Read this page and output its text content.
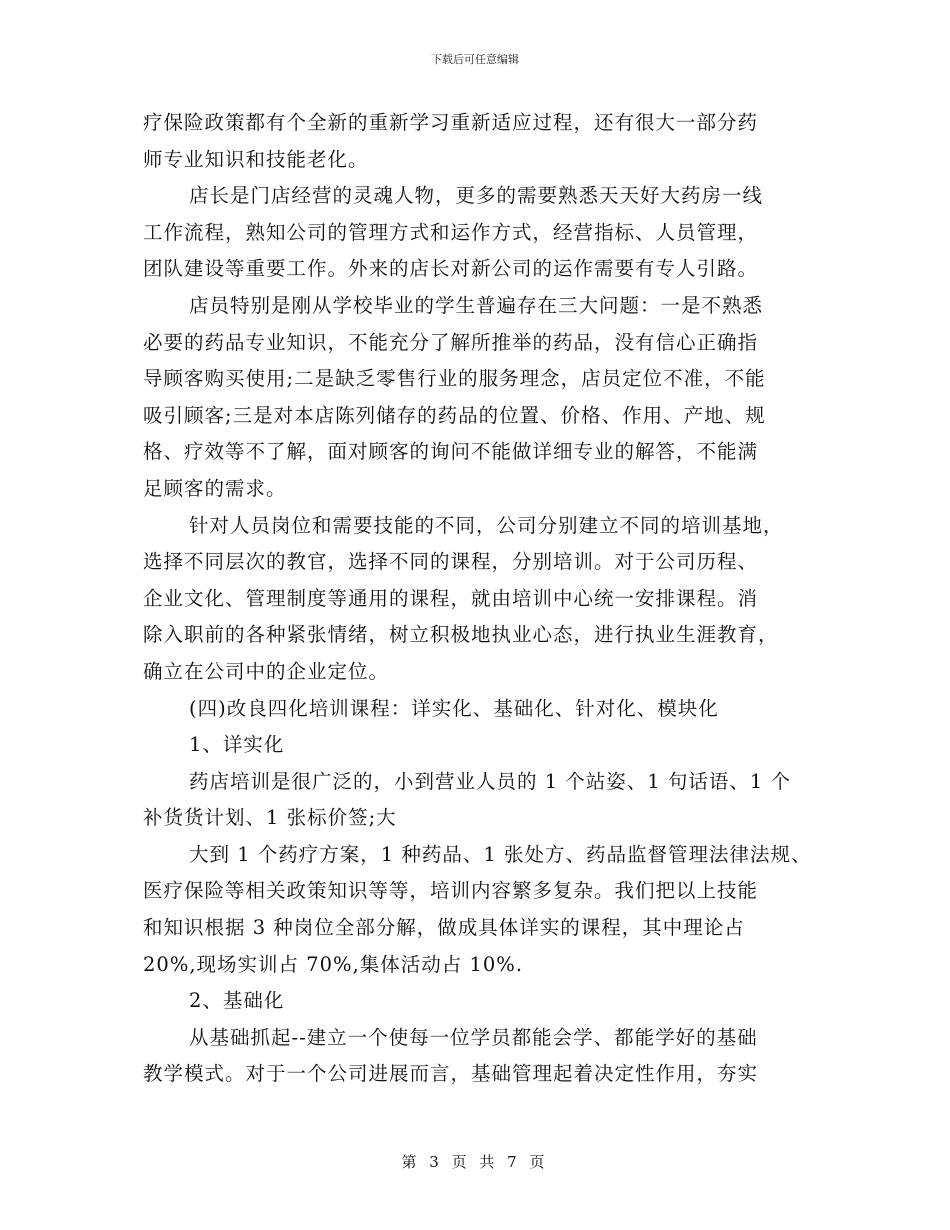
下载后可任意编辑
疗保险政策都有个全新的重新学习重新适应过程，还有很大一部分药
师专业知识和技能老化。
店长是门店经营的灵魂人物，更多的需要熟悉天天好大药房一线
工作流程，熟知公司的管理方式和运作方式，经营指标、人员管理，
团队建设等重要工作。外来的店长对新公司的运作需要有专人引路。
店员特别是刚从学校毕业的学生普遍存在三大问题：一是不熟悉
必要的药品专业知识，不能充分了解所推举的药品，没有信心正确指
导顾客购买使用;二是缺乏零售行业的服务理念，店员定位不准，不能
吸引顾客;三是对本店陈列储存的药品的位置、价格、作用、产地、规
格、疗效等不了解，面对顾客的询问不能做详细专业的解答，不能满
足顾客的需求。
针对人员岗位和需要技能的不同，公司分别建立不同的培训基地，
选择不同层次的教官，选择不同的课程，分别培训。对于公司历程、
企业文化、管理制度等通用的课程，就由培训中心统一安排课程。消
除入职前的各种紧张情绪，树立积极地执业心态，进行执业生涯教育，
确立在公司中的企业定位。
(四)改良四化培训课程：详实化、基础化、针对化、模块化
1、详实化
药店培训是很广泛的，小到营业人员的 1 个站姿、1 句话语、1 个
补货货计划、1 张标价签;大
大到 1 个药疗方案，1 种药品、1 张处方、药品监督管理法律法规、
医疗保险等相关政策知识等等，培训内容繁多复杂。我们把以上技能
和知识根据 3 种岗位全部分解，做成具体详实的课程，其中理论占
20%,现场实训占 70%,集体活动占 10%.
2、基础化
从基础抓起--建立一个使每一位学员都能会学、都能学好的基础
教学模式。对于一个公司进展而言，基础管理起着决定性作用，夯实
第 3 页 共 7 页
